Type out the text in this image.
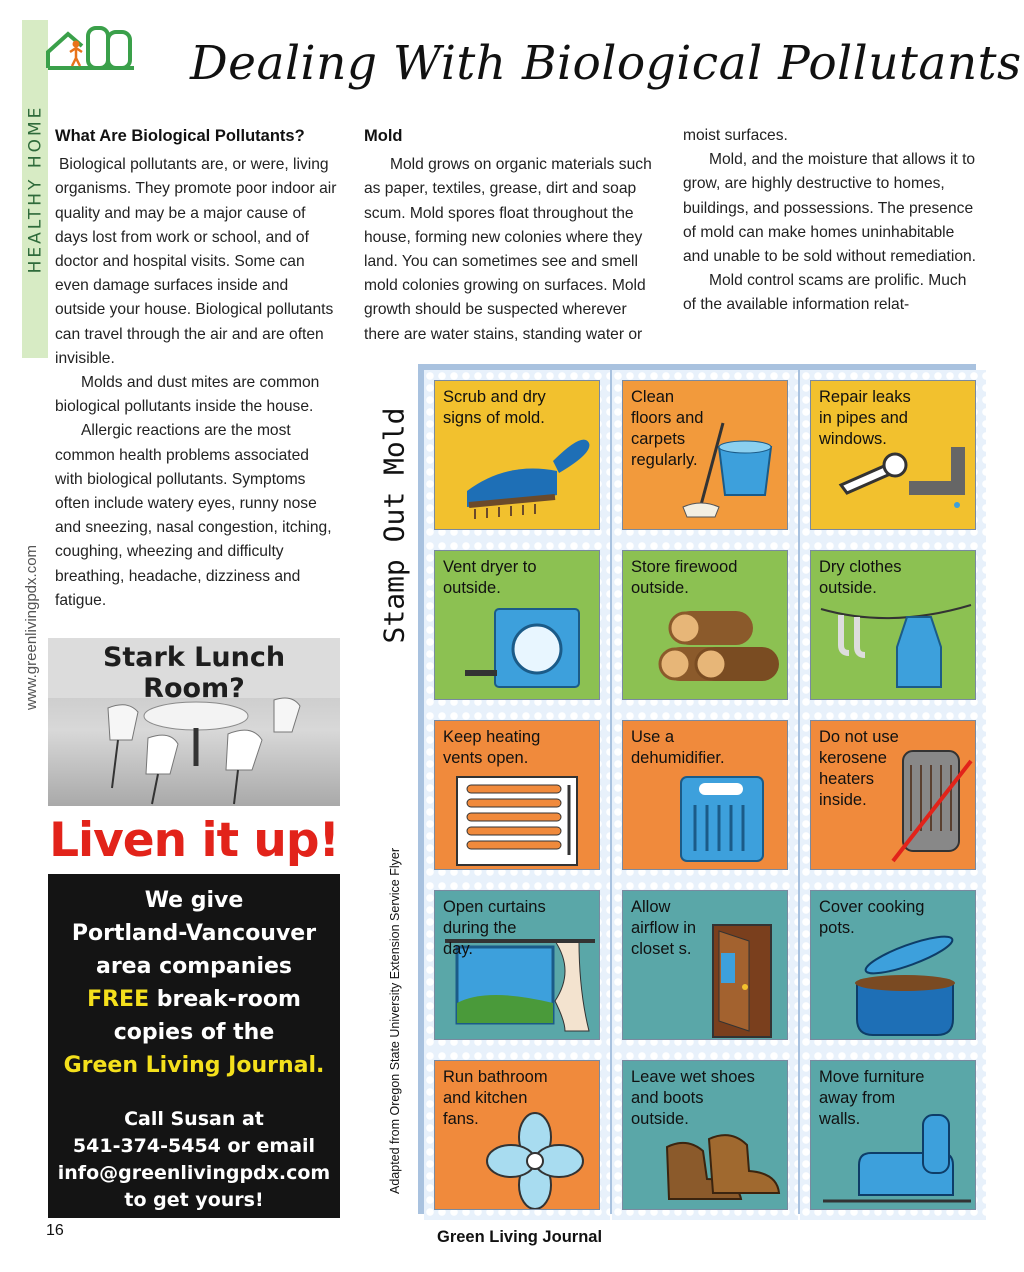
HEALTHY HOME
www.greenlivingpdx.com
Dealing With Biological Pollutants
What Are Biological Pollutants?

Biological pollutants are, or were, living organisms. They promote poor indoor air quality and may be a major cause of days lost from work or school, and of doctor and hospital visits. Some can even damage surfaces inside and outside your house. Biological pollutants can travel through the air and are often invisible.

Molds and dust mites are common biological pollutants inside the house.

Allergic reactions are the most common health problems associated with biological pollutants. Symptoms often include watery eyes, runny nose and sneezing, nasal congestion, itching, coughing, wheezing and difficulty breathing, headache, dizziness and fatigue.

Mold

Mold grows on organic materials such as paper, textiles, grease, dirt and soap scum. Mold spores float throughout the house, forming new colonies where they land. You can sometimes see and smell mold colonies growing on surfaces. Mold growth should be suspected wherever there are water stains, standing water or

moist surfaces.

Mold, and the moisture that allows it to grow, are highly destructive to homes, buildings, and possessions. The presence of mold can make homes uninhabitable and unable to be sold without remediation.

Mold control scams are prolific. Much of the available information relat-

Stark Lunch Room?
Liven it up!
We give
Portland-Vancouver
area companies
FREE break-room
copies of the
Green Living Journal.
Call Susan at
541-374-5454 or email
info@greenlivingpdx.com
to get yours!
Stamp Out Mold
Adapted from Oregon State University Extension Service Flyer
Scrub and dry
signs of mold.
Clean
floors and
carpets
regularly.
Repair leaks
in pipes and
windows.
Vent dryer to
outside.
Store firewood
outside.
Dry clothes
outside.
Keep heating
vents open.
Use a
dehumidifier.
Do not use
kerosene
heaters
inside.
Open curtains
during the
day.
Allow
airflow in
closet s.
Cover cooking
pots.
Run bathroom
and kitchen
fans.
Leave wet shoes
and boots
outside.
Move furniture
away from
walls.
16	Green Living Journal
